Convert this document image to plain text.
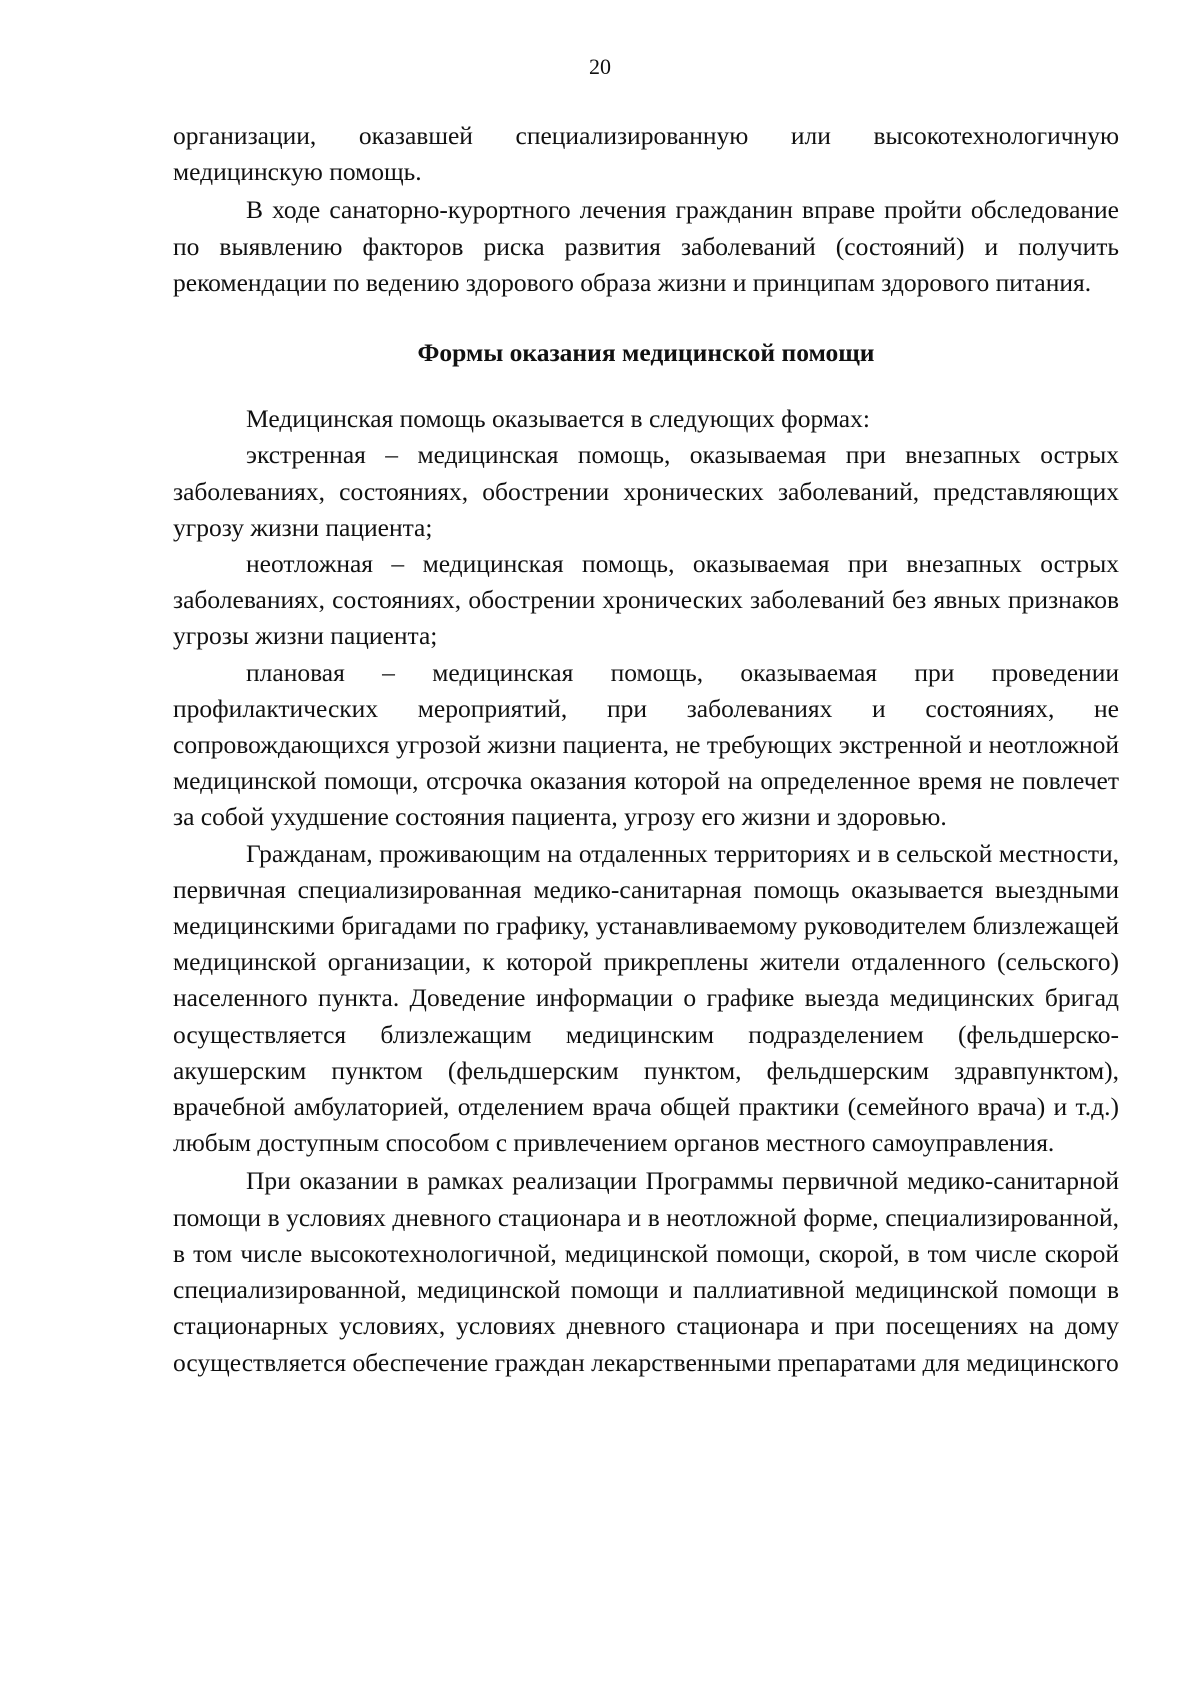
20

организации, оказавшей специализированную или высокотехнологичную медицинскую помощь.

В ходе санаторно-курортного лечения гражданин вправе пройти обследование по выявлению факторов риска развития заболеваний (состояний) и получить рекомендации по ведению здорового образа жизни и принципам здорового питания.

Формы оказания медицинской помощи

Медицинская помощь оказывается в следующих формах:

экстренная – медицинская помощь, оказываемая при внезапных острых заболеваниях, состояниях, обострении хронических заболеваний, представляющих угрозу жизни пациента;

неотложная – медицинская помощь, оказываемая при внезапных острых заболеваниях, состояниях, обострении хронических заболеваний без явных признаков угрозы жизни пациента;

плановая – медицинская помощь, оказываемая при проведении профилактических мероприятий, при заболеваниях и состояниях, не сопровождающихся угрозой жизни пациента, не требующих экстренной и неотложной медицинской помощи, отсрочка оказания которой на определенное время не повлечет за собой ухудшение состояния пациента, угрозу его жизни и здоровью.

Гражданам, проживающим на отдаленных территориях и в сельской местности, первичная специализированная медико-санитарная помощь оказывается выездными медицинскими бригадами по графику, устанавливаемому руководителем близлежащей медицинской организации, к которой прикреплены жители отдаленного (сельского) населенного пункта. Доведение информации о графике выезда медицинских бригад осуществляется близлежащим медицинским подразделением (фельдшерско-акушерским пунктом (фельдшерским пунктом, фельдшерским здравпунктом), врачебной амбулаторией, отделением врача общей практики (семейного врача) и т.д.) любым доступным способом с привлечением органов местного самоуправления.

При оказании в рамках реализации Программы первичной медико-санитарной помощи в условиях дневного стационара и в неотложной форме, специализированной, в том числе высокотехнологичной, медицинской помощи, скорой, в том числе скорой специализированной, медицинской помощи и паллиативной медицинской помощи в стационарных условиях, условиях дневного стационара и при посещениях на дому осуществляется обеспечение граждан лекарственными препаратами для медицинского
